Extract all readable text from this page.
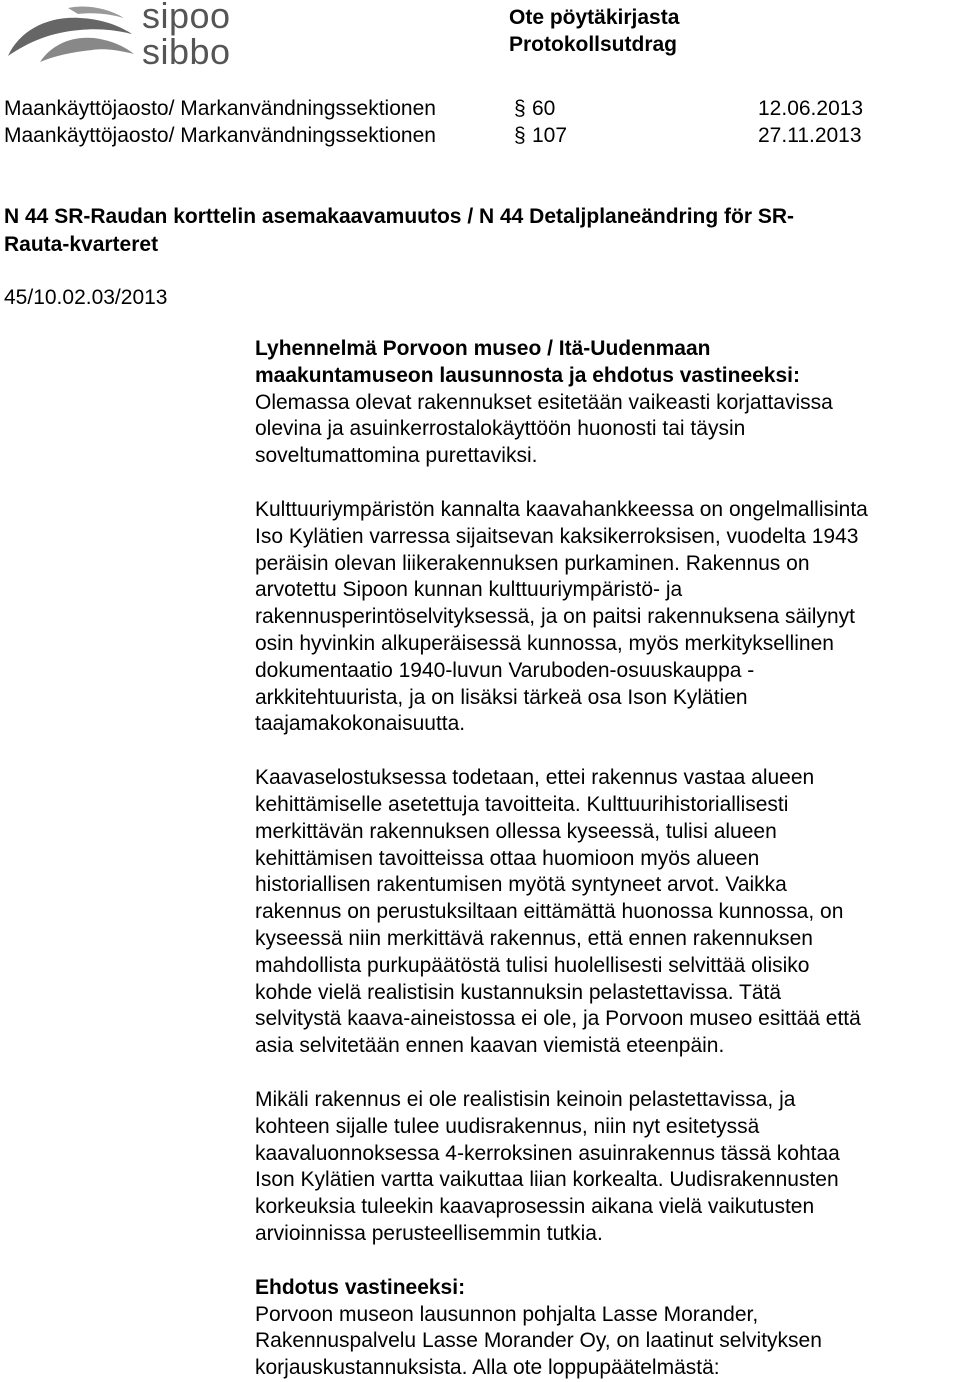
sipoo
sibbo
Ote pöytäkirjasta
Protokollsutdrag
Maankäyttöjaosto/ Markanvändningssektionen	§ 60	12.06.2013
Maankäyttöjaosto/ Markanvändningssektionen	§ 107	27.11.2013
N 44 SR-Raudan korttelin asemakaavamuutos / N 44 Detaljplaneändring för SR-
Rauta-kvarteret
45/10.02.03/2013

Lyhennelmä Porvoon museo / Itä-Uudenmaan
maakuntamuseon lausunnosta ja ehdotus vastineeksi:

Olemassa olevat rakennukset esitetään vaikeasti korjattavissa
olevina ja asuinkerrostalokäyttöön huonosti tai täysin
soveltumattomina purettaviksi.

Kulttuuriympäristön kannalta kaavahankkeessa on ongelmallisinta
Iso Kylätien varressa sijaitsevan kaksikerroksisen, vuodelta 1943
peräisin olevan liikerakennuksen purkaminen. Rakennus on
arvotettu Sipoon kunnan kulttuuriympäristö- ja
rakennusperintöselvityksessä, ja on paitsi rakennuksena säilynyt
osin hyvinkin alkuperäisessä kunnossa, myös merkityksellinen
dokumentaatio 1940-luvun Varuboden-osuuskauppa -
arkkitehtuurista, ja on lisäksi tärkeä osa Ison Kylätien
taajamakokonaisuutta.

Kaavaselostuksessa todetaan, ettei rakennus vastaa alueen
kehittämiselle asetettuja tavoitteita. Kulttuurihistoriallisesti
merkittävän rakennuksen ollessa kyseessä, tulisi alueen
kehittämisen tavoitteissa ottaa huomioon myös alueen
historiallisen rakentumisen myötä syntyneet arvot. Vaikka
rakennus on perustuksiltaan eittämättä huonossa kunnossa, on
kyseessä niin merkittävä rakennus, että ennen rakennuksen
mahdollista purkupäätöstä tulisi huolellisesti selvittää olisiko
kohde vielä realistisin kustannuksin pelastettavissa. Tätä
selvitystä kaava-aineistossa ei ole, ja Porvoon museo esittää että
asia selvitetään ennen kaavan viemistä eteenpäin.

Mikäli rakennus ei ole realistisin keinoin pelastettavissa, ja
kohteen sijalle tulee uudisrakennus, niin nyt esitetyssä
kaavaluonnoksessa 4-kerroksinen asuinrakennus tässä kohtaa
Ison Kylätien vartta vaikuttaa liian korkealta. Uudisrakennusten
korkeuksia tuleekin kaavaprosessin aikana vielä vaikutusten
arvioinnissa perusteellisemmin tutkia.

Ehdotus vastineeksi:

Porvoon museon lausunnon pohjalta Lasse Morander,
Rakennuspalvelu Lasse Morander Oy, on laatinut selvityksen
korjauskustannuksista. Alla ote loppupäätelmästä:
